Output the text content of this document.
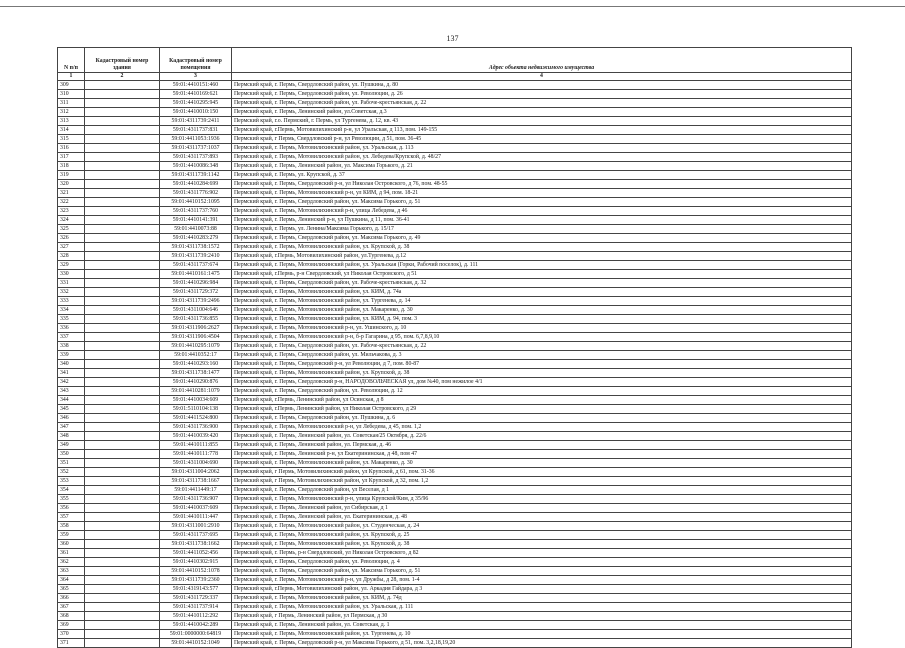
137
N п/п	Кадастровый номер здания	Кадастровый номер помещения	Адрес объекта недвижимого имущества
1	2	3	4
309		59:01:4410151:460	Пермский край, г. Пермь, Свердловский район, ул. Пушкина, д. 80
310		59:01:4410169:621	Пермский край, г. Пермь, Свердловский район, ул. Революции, д. 26
311		59:01:4410295:945	Пермский край, г. Пермь, Свердловский район, ул. Рабоче-крестьянская, д. 22
312		59:01:4410010:150	Пермский край, г. Пермь, Ленинский район, ул.Советская, д.3
313		59:01:4311739:2411	Пермский край, г.о. Пермский, г. Пермь, ул Тургенева, д. 12, кв. 43
314		59:01:4311737:831	Пермский край, г.Пермь, Мотовилихинский р-н, ул Уральская, д 113, пом. 149-155
315		59:01:4411053:1936	Пермский край, г Пермь, Свердловский р-н, ул Революции, д 51, пом. 36-45
316		59:01:4311737:1037	Пермский край, г. Пермь, Мотовилихинский район, ул. Уральская, д. 113
317		59:01:4311737:893	Пермский край, г. Пермь, Мотовилихинский район, ул. Лебедева/Крупской, д. 48/27
318		59:01:4410086:348	Пермский край, г. Пермь, Ленинский район, ул. Максима Горького, д. 21
319		59:01:4311739:1142	Пермский край, г. Пермь, ул. Крупской, д. 37
320		59:01:4410284:699	Пермский край, г. Пермь, Свердловский р-н, ул Николая Островского, д 76, пом. 48-55
321		59:01:4311776:902	Пермский край, г. Пермь, Мотовилихинский р-н, ул КИМ, д 94, пом. 18-21
322		59:01:4410152:1095	Пермский край, г. Пермь, Свердловский район, ул. Максима Горького, д. 51
323		59:01:4311737:760	Пермский край, г. Пермь, Мотовилихинский р-н, улица Лебедева, д 46
324		59:01:4410141:391	Пермский край, г. Пермь, Ленинский р-н, ул Пушкина, д 11, пом. 36-41
325		59:01:4410073:88	Пермский край, г. Пермь, ул. Ленина/Максима Горького, д. 15/17
326		59:01:4410283:279	Пермский край, г. Пермь, Свердловский район, ул. Максима Горького, д. 49
327		59:01:4311738:1572	Пермский край, г. Пермь, Мотовилихинский район, ул. Крупской, д. 38
328		59:01:4311739:2410	Пермский край, г.Пермь, Мотовилихинский район, ул.Тургенева, д.12
329		59:01:4311737:674	Пермский край, г. Пермь, Мотовилихинский район, ул. Уральская (Горки, Рабочий поселок), д. 111
330		59:01:4410161:1475	Пермский край, г.Пермь, р-н Свердловский, ул Николая Островского, д 51
331		59:01:4410296:984	Пермский край, г. Пермь, Свердловский район, ул. Рабоче-крестьянская, д. 32
332		59:01:4311729:372	Пермский край, г. Пермь, Мотовилихинский район, ул. КИМ, д. 74а
333		59:01:4311739:2496	Пермский край, г. Пермь, Мотовилихинский район, ул. Тургенева, д. 14
334		59:01:4311004:646	Пермский край, г. Пермь, Мотовилихинский район, ул. Макаренко, д. 30
335		59:01:4311736:855	Пермский край, г. Пермь, Мотовилихинский район, ул. КИМ, д. 94, пом. 3
336		59:01:4311906:2627	Пермский край, г. Пермь, Мотовилихинский р-н, ул. Ушинского, д. 10
337		59:01:4311906:4504	Пермский край, г. Пермь, Мотовилихинский р-н, б-р Гагарина, д 95, пом. 6,7,8,9,10
338		59:01:4410295:1079	Пермский край, г. Пермь, Свердловский район, ул. Рабоче-крестьянская, д. 22
339		59:01:4410352:17	Пермский край, г. Пермь, Свердловский район, ул. Мильчакова, д. 3
340		59:01:4410293:160	Пермский край, г. Пермь, Свердловский р-н, ул Революции, д 7, пом. 80-87
341		59:01:4311738:1477	Пермский край, г. Пермь, Мотовилихинский район, ул. Крупской, д. 38
342		59:01:4410290:876	Пермский край, г. Пермь, Свердловский р-н, НАРОДОВОЛЬЧЕСКАЯ ул, дом №40, пом нежилое 4/1
343		59:01:4410281:1079	Пермский край, г. Пермь, Свердловский район, ул. Революции, д. 12
344		59:01:4410034:609	Пермский край, г.Пермь, Ленинский район, ул Осинская, д 8
345		59:01:5110104:138	Пермский край, г.Пермь, Ленинский район, ул Николая Островского, д 29
346		59:01:4411524:800	Пермский край, г. Пермь, Свердловский район, ул. Пушкина, д. 6
347		59:01:4311736:900	Пермский край, г. Пермь, Мотовилихинский р-н, ул Лебедева, д 45, пом. 1,2
348		59:01:4410039:420	Пермский край, г. Пермь, Ленинский район, ул. Советская/25 Октября, д. 22/6
349		59:01:4410111:855	Пермский край, г. Пермь, Ленинский район, ул. Пермская, д. 46
350		59:01:4410111:778	Пермский край, г. Пермь, Ленинский р-н, ул Екатерининская, д 48, пом 47
351		59:01:4311004:690	Пермский край, г. Пермь, Мотовилихинский район, ул. Макаренко, д. 30
352		59:01:4311004:2062	Пермский край, г Пермь, Мотовилихинский район, ул Крупской, д 61, пом. 31-36
353		59:01:4311738:1667	Пермский край, г Пермь, Мотовилихинский район, ул Крупской, д 32, пом. 1,2
354		59:01:4411449:17	Пермский край, г. Пермь, Свердловский район, ул Веселая, д 1
355		59:01:4311736:907	Пермский край, г. Пермь, Мотовилихинский р-н, улица Крупской/Ким, д 35/96
356		59:01:4410037:609	Пермский край, г. Пермь, Ленинский район, ул Сибирская, д 1
357		59:01:4410111:447	Пермский край, г. Пермь, Ленинский район, ул. Екатерининская, д. 48
358		59:01:4311001:2910	Пермский край, г. Пермь, Мотовилихинский район, ул. Студенческая, д. 24
359		59:01:4311737:695	Пермский край, г. Пермь, Мотовилихинский район, ул. Крупской, д. 25
360		59:01:4311738:1662	Пермский край, г. Пермь, Мотовилихинский район, ул. Крупской, д. 38
361		59:01:4411052:456	Пермский край, г. Пермь, р-н Свердловский, ул Николая Островского, д 82
362		59:01:4410302:915	Пермский край, г. Пермь, Свердловский район, ул. Революции, д. 4
363		59:01:4410152:1078	Пермский край, г. Пермь, Свердловский район, ул. Максима Горького, д. 51
364		59:01:4311739:2360	Пермский край, г. Пермь, Мотовилихинский р-н, ул Дружбы, д 28, пом. 1-4
365		59:01:4319143:577	Пермский край, г.Пермь, Мотовилихинский район, ул. Аркадия Гайдара, д 3
366		59:01:4311729:337	Пермский край, г. Пермь, Мотовилихинский район, ул. КИМ, д. 74д
367		59:01:4311737:914	Пермский край, г. Пермь, Мотовилихинский район, ул. Уральская, д. 111
368		59:01:4410112:292	Пермский край, г Пермь, Ленинский район, ул Пермская, д 30
369		59:01:4410042:289	Пермский край, г. Пермь, Ленинский район, ул. Советская, д. 1
370		59:01:0000000:64819	Пермский край, г. Пермь, Мотовилихинский район, ул. Тургенева, д. 10
371		59:01:4410152:1049	Пермский край, г. Пермь, Свердловский р-н, ул Максима Горького, д 51, пом. 3,2,18,19,20
